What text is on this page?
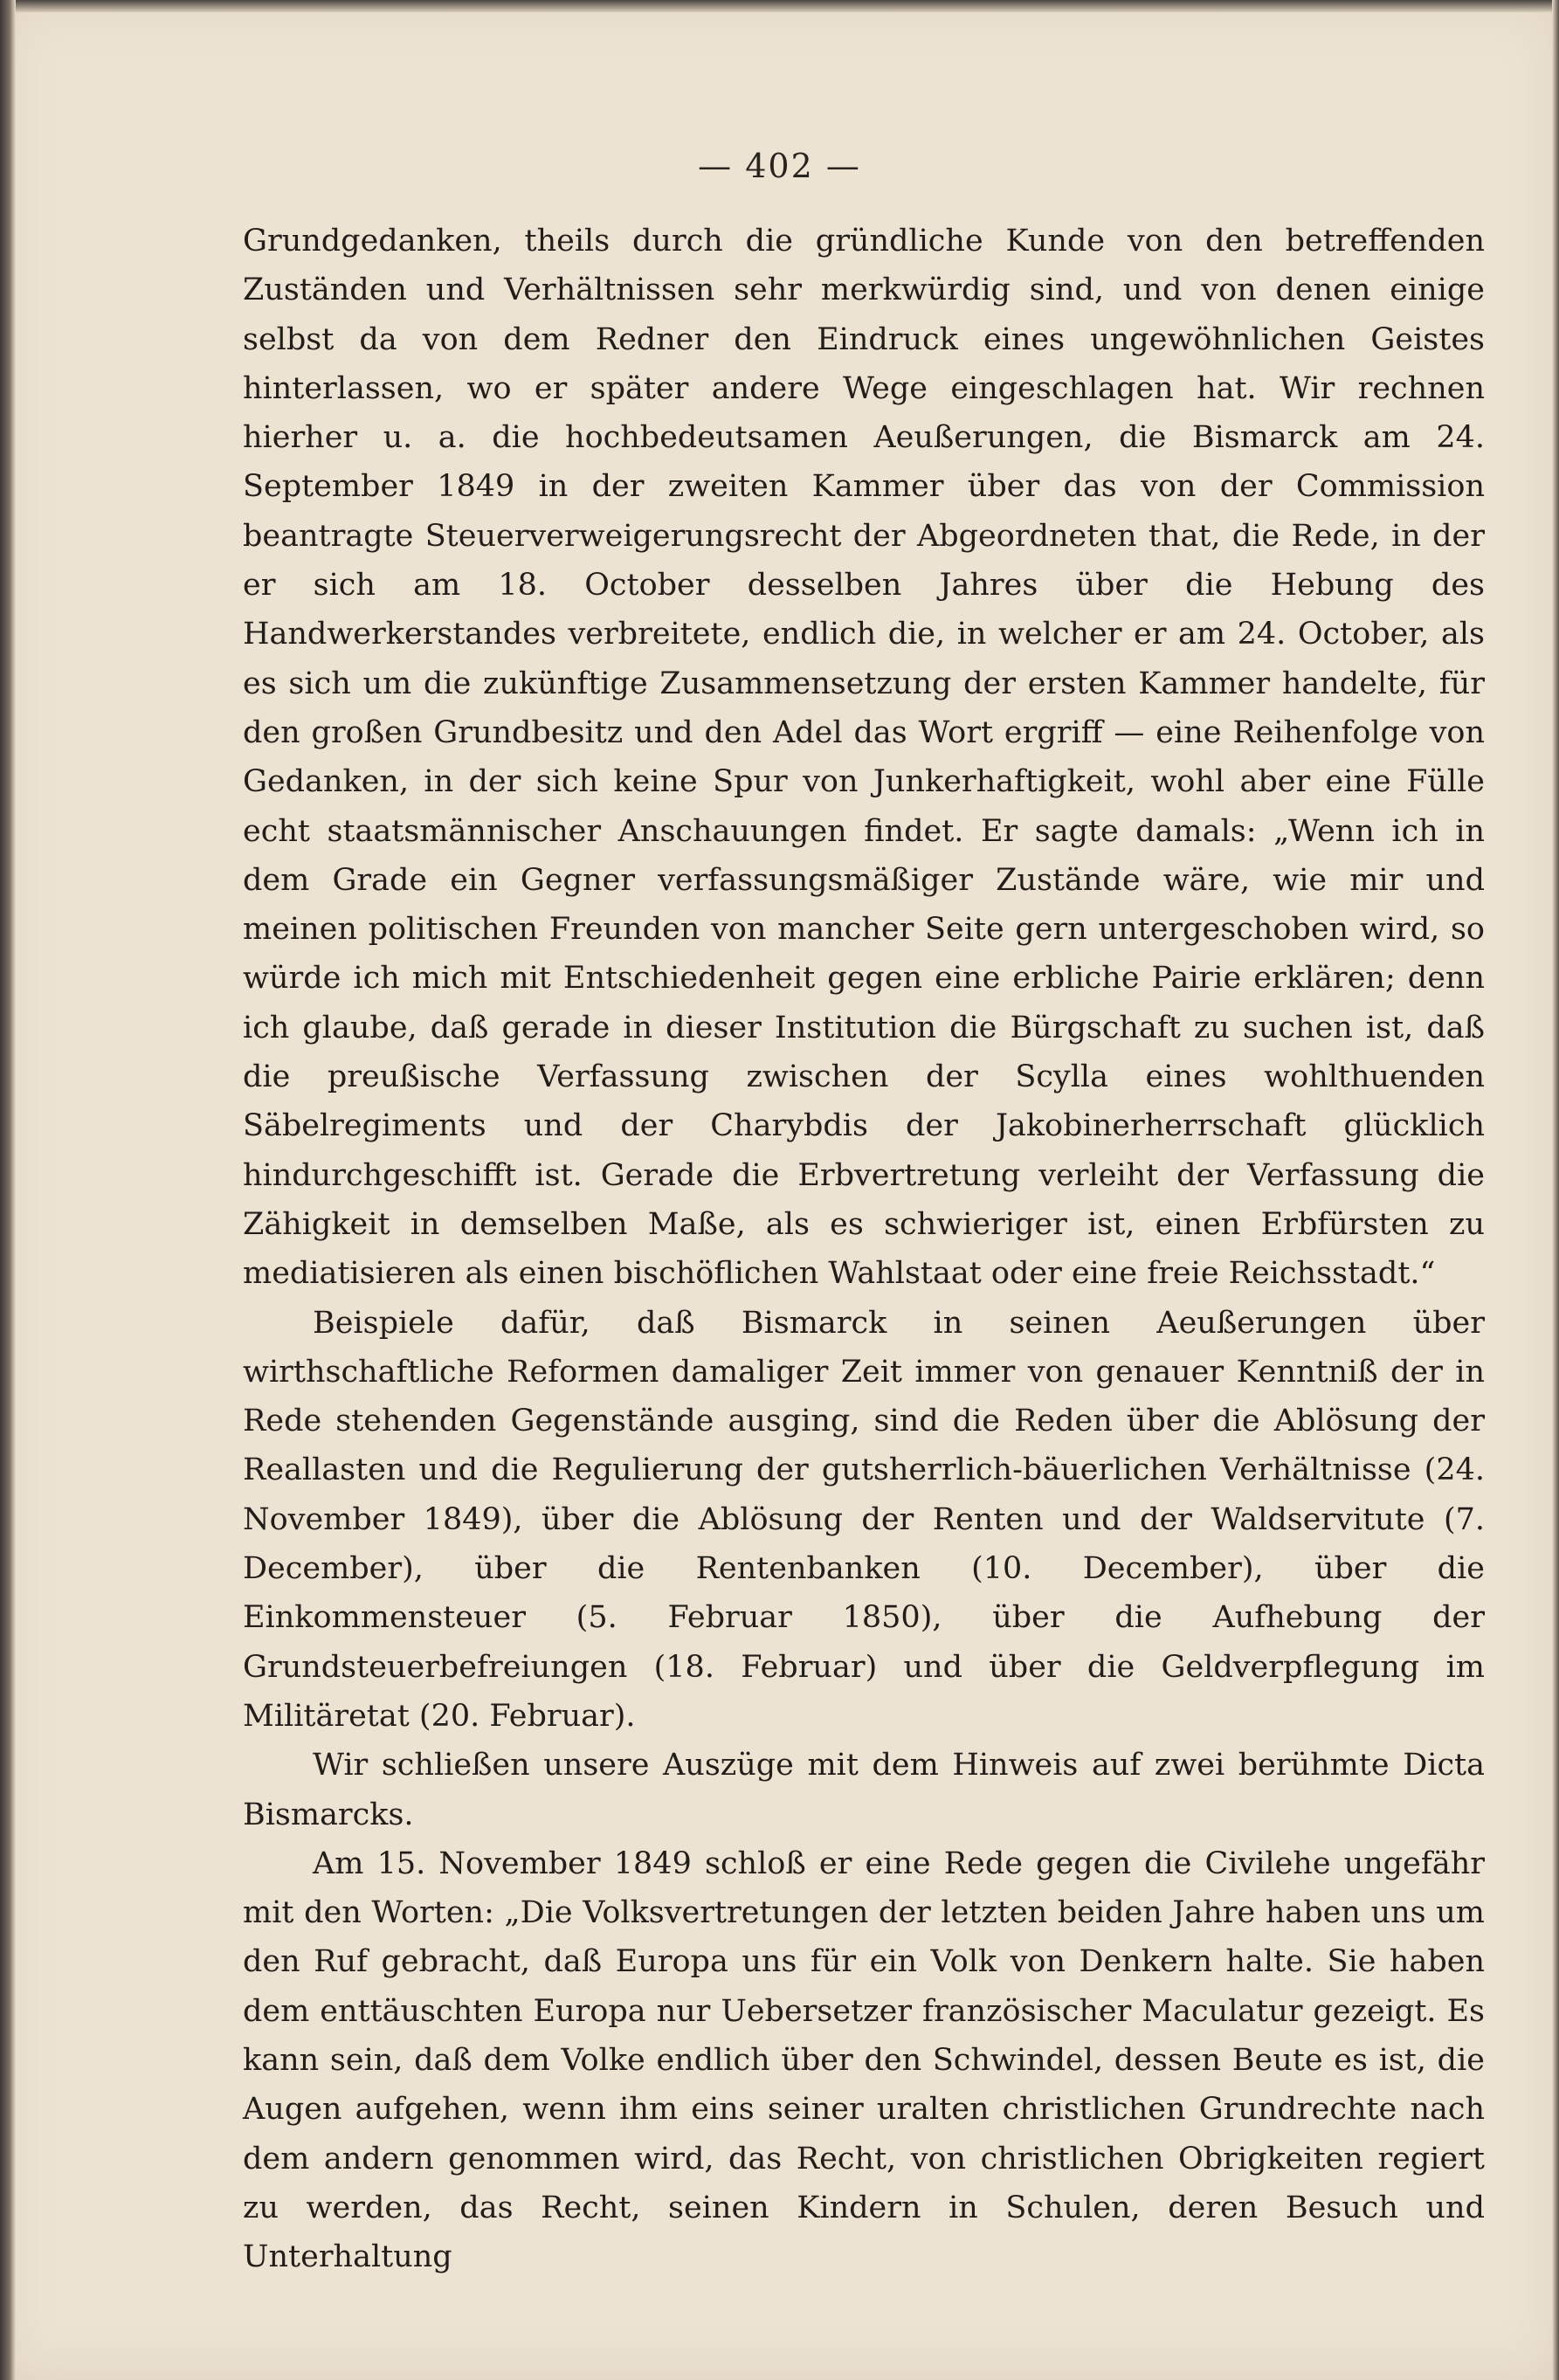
— 402 —

Grundgedanken, theils durch die gründliche Kunde von den betreffenden Zuständen und Verhältnissen sehr merkwürdig sind, und von denen einige selbst da von dem Redner den Eindruck eines ungewöhnlichen Geistes hinterlassen, wo er später andere Wege eingeschlagen hat. Wir rechnen hierher u. a. die hochbedeutsamen Aeußerungen, die Bismarck am 24. September 1849 in der zweiten Kammer über das von der Commission beantragte Steuerverweigerungsrecht der Abgeordneten that, die Rede, in der er sich am 18. October desselben Jahres über die Hebung des Handwerkerstandes verbreitete, endlich die, in welcher er am 24. October, als es sich um die zukünftige Zusammensetzung der ersten Kammer handelte, für den großen Grundbesitz und den Adel das Wort ergriff — eine Reihenfolge von Gedanken, in der sich keine Spur von Junkerhaftigkeit, wohl aber eine Fülle echt staatsmännischer Anschauungen findet. Er sagte damals: „Wenn ich in dem Grade ein Gegner verfassungsmäßiger Zustände wäre, wie mir und meinen politischen Freunden von mancher Seite gern untergeschoben wird, so würde ich mich mit Entschiedenheit gegen eine erbliche Pairie erklären; denn ich glaube, daß gerade in dieser Institution die Bürgschaft zu suchen ist, daß die preußische Verfassung zwischen der Scylla eines wohlthuenden Säbelregiments und der Charybdis der Jakobinerherrschaft glücklich hindurchgeschifft ist. Gerade die Erbvertretung verleiht der Verfassung die Zähigkeit in demselben Maße, als es schwieriger ist, einen Erbfürsten zu mediatisieren als einen bischöflichen Wahlstaat oder eine freie Reichsstadt.“

Beispiele dafür, daß Bismarck in seinen Aeußerungen über wirthschaftliche Reformen damaliger Zeit immer von genauer Kenntniß der in Rede stehenden Gegenstände ausging, sind die Reden über die Ablösung der Reallasten und die Regulierung der gutsherrlich-bäuerlichen Verhältnisse (24. November 1849), über die Ablösung der Renten und der Waldservitute (7. December), über die Rentenbanken (10. December), über die Einkommensteuer (5. Februar 1850), über die Aufhebung der Grundsteuerbefreiungen (18. Februar) und über die Geldverpflegung im Militäretat (20. Februar).

Wir schließen unsere Auszüge mit dem Hinweis auf zwei berühmte Dicta Bismarcks.

Am 15. November 1849 schloß er eine Rede gegen die Civilehe ungefähr mit den Worten: „Die Volksvertretungen der letzten beiden Jahre haben uns um den Ruf gebracht, daß Europa uns für ein Volk von Denkern halte. Sie haben dem enttäuschten Europa nur Uebersetzer französischer Maculatur gezeigt. Es kann sein, daß dem Volke endlich über den Schwindel, dessen Beute es ist, die Augen aufgehen, wenn ihm eins seiner uralten christlichen Grundrechte nach dem andern genommen wird, das Recht, von christlichen Obrigkeiten regiert zu werden, das Recht, seinen Kindern in Schulen, deren Besuch und Unterhaltung
